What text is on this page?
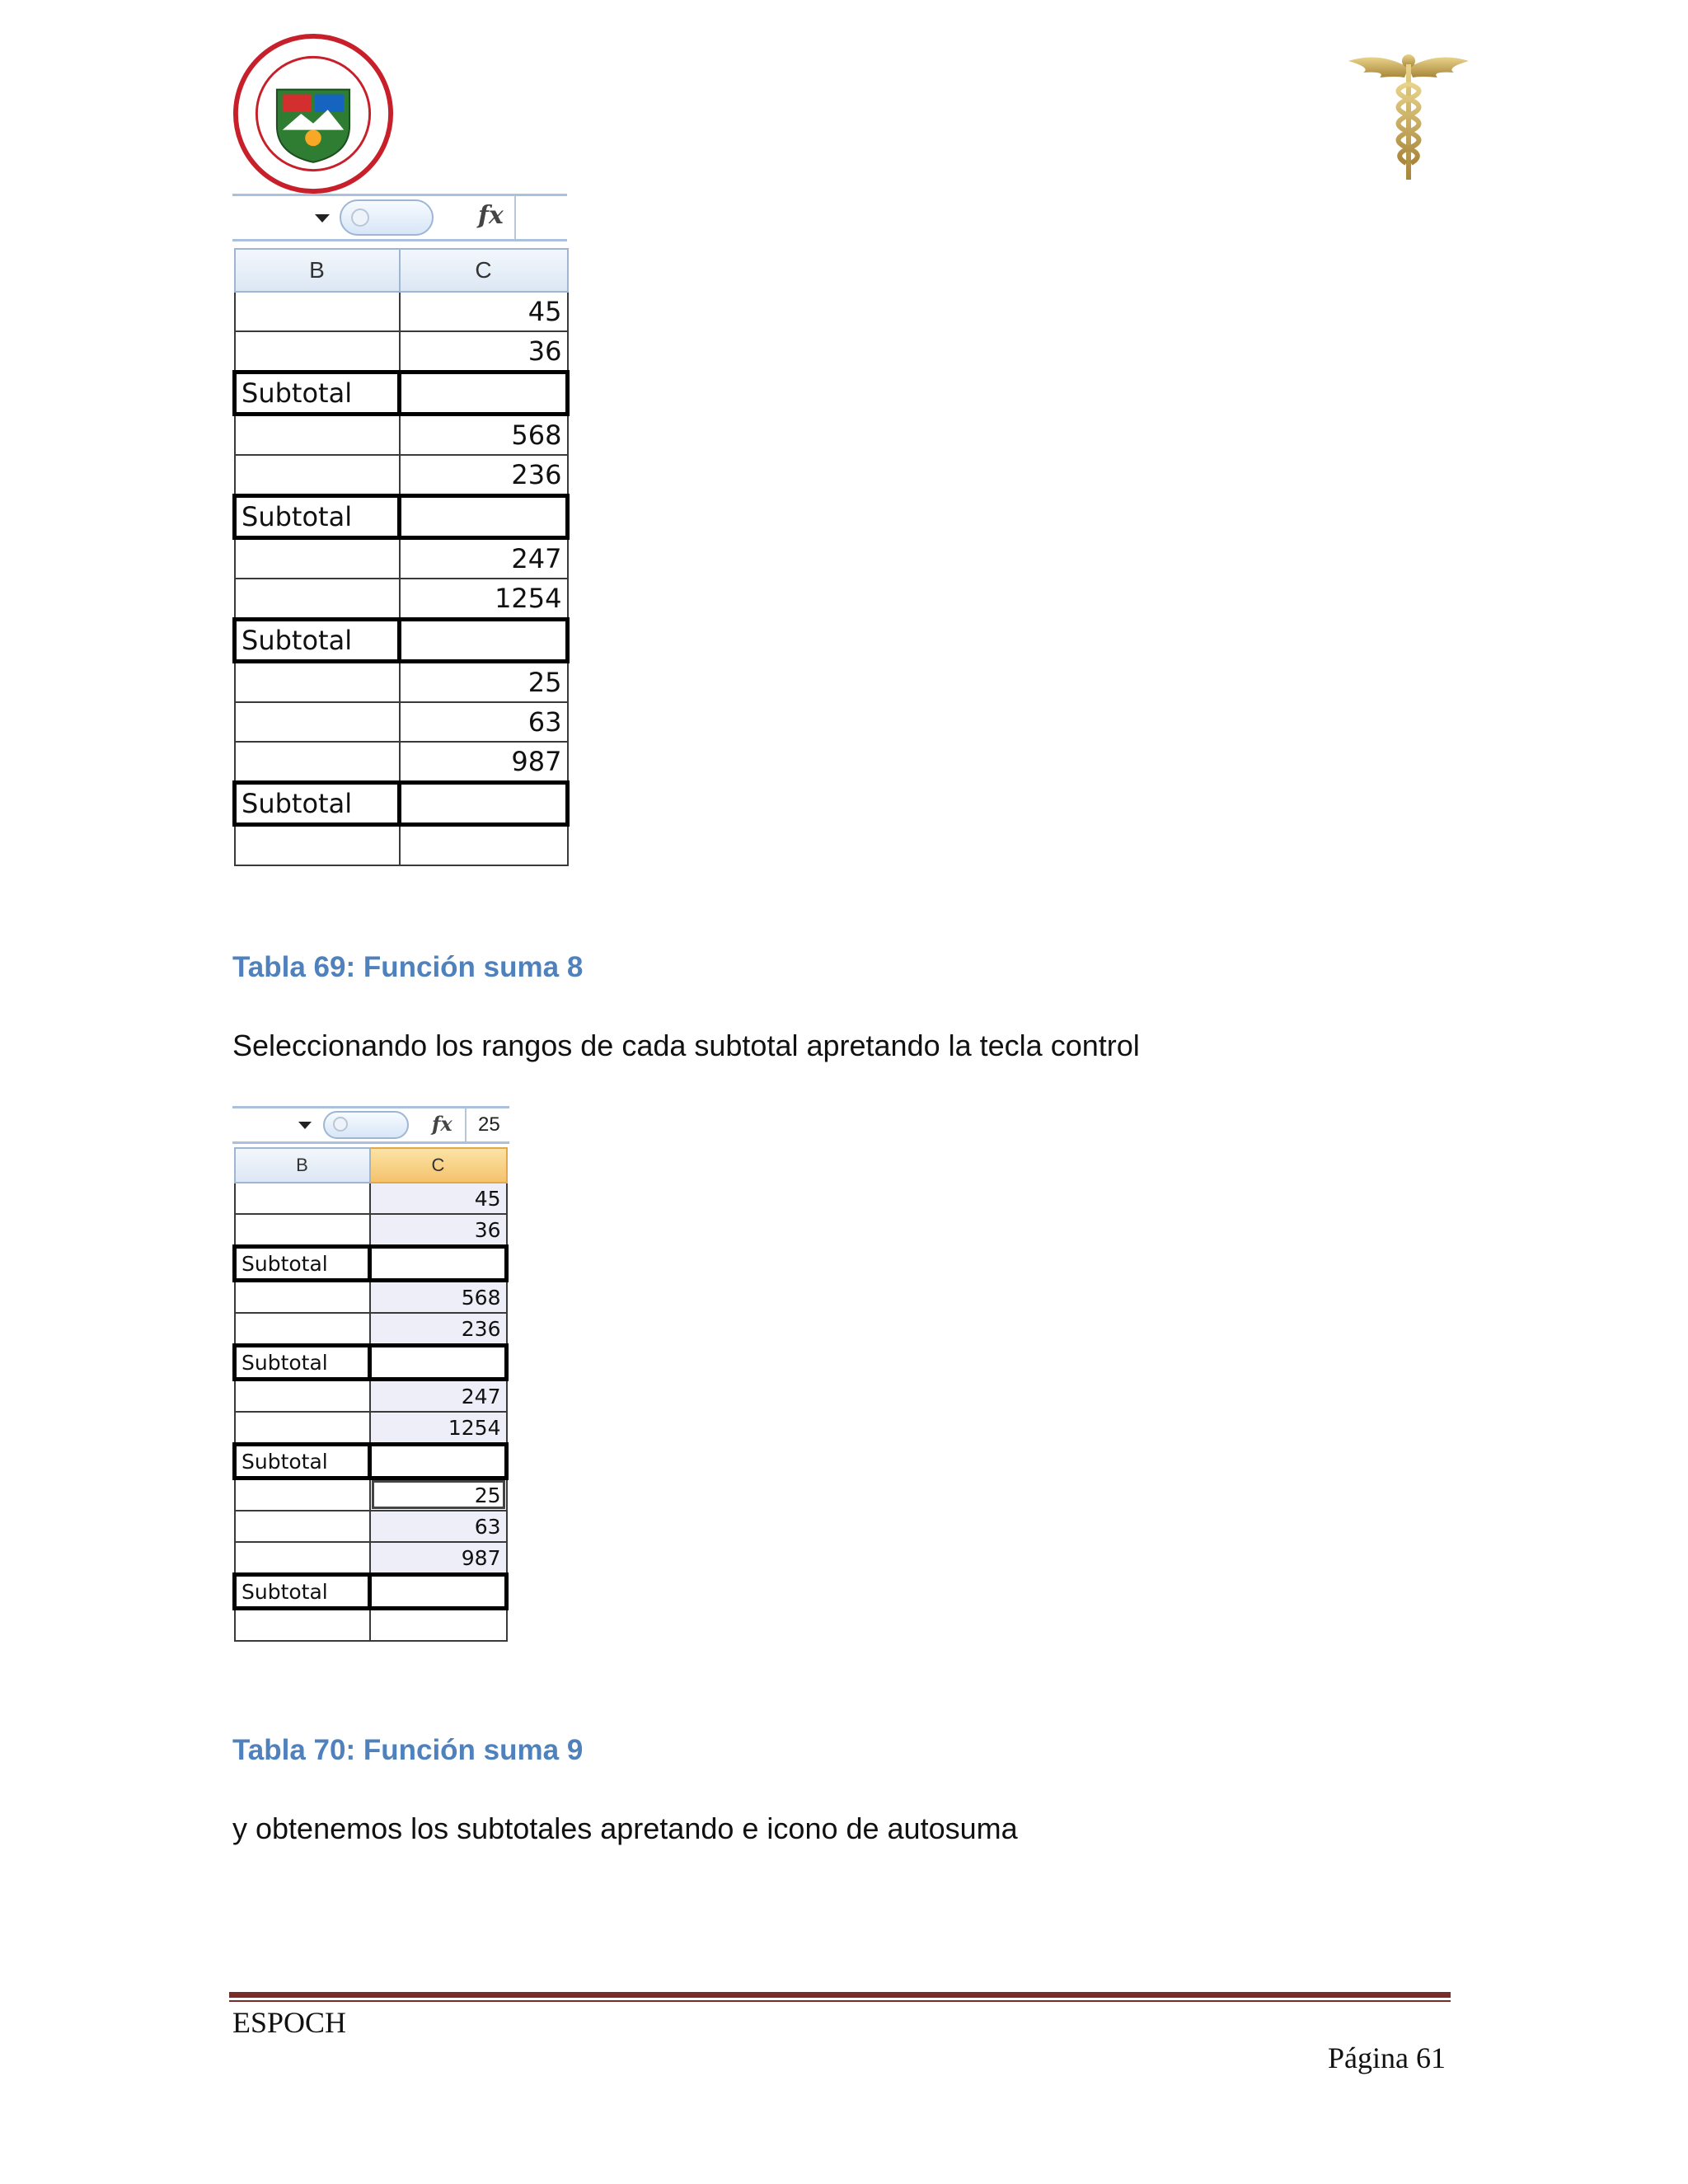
fx
B	C
	45
	36
Subtotal	
	568
	236
Subtotal	
	247
	1254
Subtotal	
	25
	63
	987
Subtotal	

Tabla 69: Función suma 8
Seleccionando los rangos de cada subtotal apretando la tecla control
fx 25
B	C
	45
	36
Subtotal	
	568
	236
Subtotal	
	247
	1254
Subtotal	
	25
	63
	987
Subtotal	

Tabla 70: Función suma 9
y obtenemos los subtotales apretando e icono de autosuma
ESPOCH
Página 61
